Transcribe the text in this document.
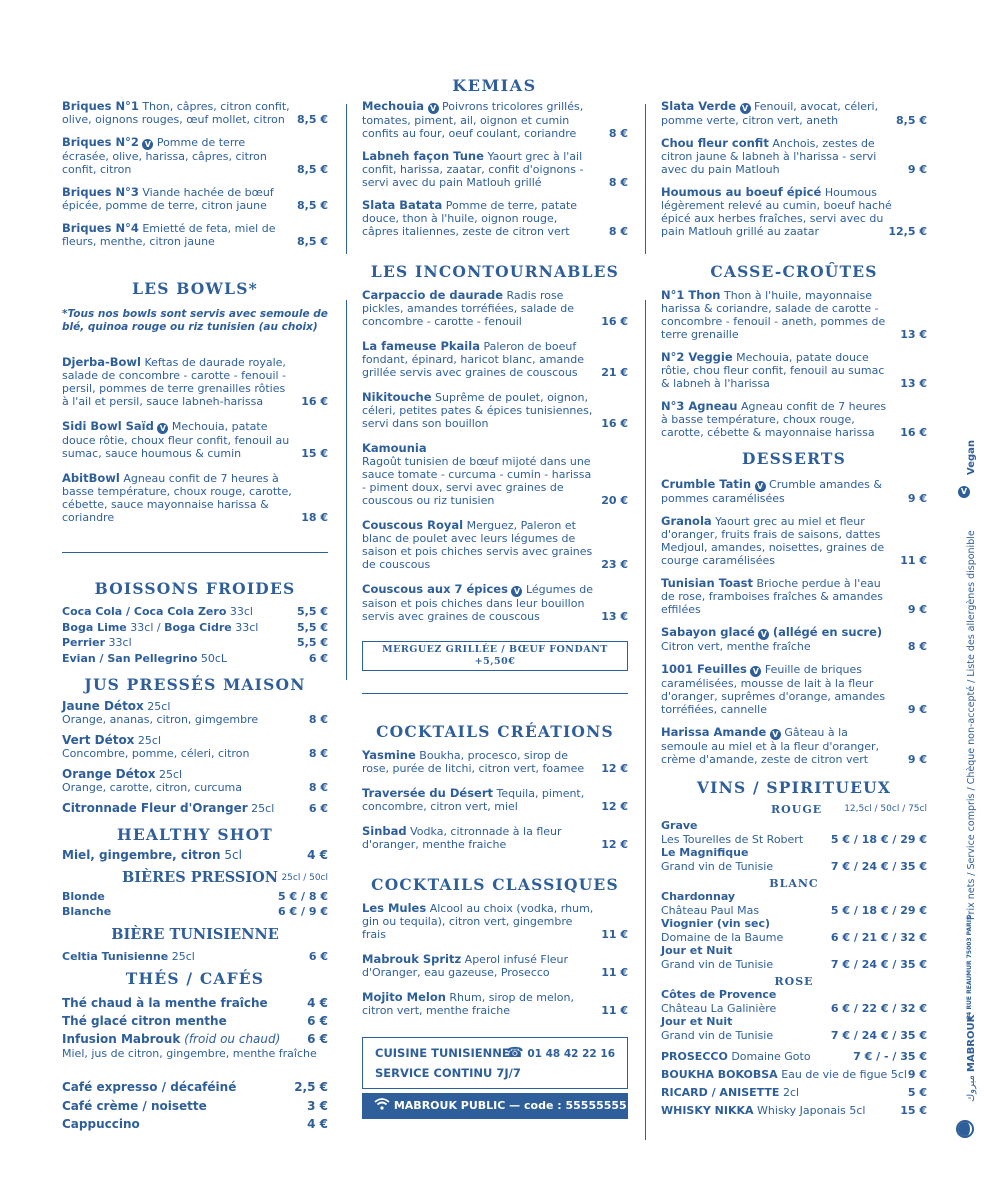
KEMIAS
Briques N°1 Thon, câpres, citron confit, olive, oignons rouges, œuf mollet, citron 8,5 €
Briques N°2 V Pomme de terre écrasée, olive, harissa, câpres, citron confit, citron	8,5 €
Briques N°3 Viande hachée de bœuf épicée, pomme de terre, citron jaune	8,5 €
Briques N°4 Emietté de feta, miel de fleurs, menthe, citron jaune	8,5 €
LES BOWLS*
*Tous nos bowls sont servis avec semoule de blé, quinoa rouge ou riz tunisien (au choix)
Djerba-Bowl Keftas de daurade royale, salade de concombre - carotte - fenouil - persil, pommes de terre grenailles rôties à l'ail et persil, sauce labneh-harissa	16 €
Sidi Bowl Saïd V Mechouia, patate douce rôtie, choux fleur confit, fenouil au sumac, sauce houmous & cumin	15 €
AbitBowl Agneau confit de 7 heures à basse température, choux rouge, carotte, cébette, sauce mayonnaise harissa & coriandre	18 €
BOISSONS FROIDES
Coca Cola / Coca Cola Zero 33cl	5,5 €
Boga Lime 33cl / Boga Cidre 33cl	5,5 €
Perrier 33cl	5,5 €
Evian / San Pellegrino 50cL	6 €
JUS PRESSÉS MAISON
Jaune Détox 25cl
Orange, ananas, citron, gimgembre	8 €
Vert Détox 25cl
Concombre, pomme, céleri, citron	8 €
Orange Détox 25cl
Orange, carotte, citron, curcuma	8 €
Citronnade Fleur d'Oranger 25cl	6 €
HEALTHY SHOT
Miel, gingembre, citron 5cl	4 €
BIÈRES PRESSION 25cl / 50cl
Blonde	5 € / 8 €
Blanche	6 € / 9 €
BIÈRE TUNISIENNE
Celtia Tunisienne 25cl	6 €
THÉS / CAFÉS
Thé chaud à la menthe fraîche	4 €
Thé glacé citron menthe	6 €
Infusion Mabrouk (froid ou chaud) 6 €
Miel, jus de citron, gingembre, menthe fraîche
Café expresso / décaféiné	2,5 €
Café crème / noisette	3 €
Cappuccino	4 €
Mechouia V Poivrons tricolores grillés, tomates, piment, ail, oignon et cumin confits au four, oeuf coulant, coriandre	8 €
Labneh façon Tune Yaourt grec à l'ail confit, harissa, zaatar, confit d'oignons - servi avec du pain Matlouh grillé	8 €
Slata Batata Pomme de terre, patate douce, thon à l'huile, oignon rouge, câpres italiennes, zeste de citron vert	8 €
LES INCONTOURNABLES
Carpaccio de daurade Radis rose pickles, amandes torréfiées, salade de concombre - carotte - fenouil	16 €
La fameuse Pkaila Paleron de boeuf fondant, épinard, haricot blanc, amande grillée servis avec graines de couscous 21 €
Nikitouche Suprême de poulet, oignon, céleri, petites pates & épices tunisiennes, servi dans son bouillon	16 €
Kamounia
Ragoût tunisien de bœuf mijoté dans une sauce tomate - curcuma - cumin - harissa - piment doux, servi avec graines de couscous ou riz tunisien	20 €
Couscous Royal Merguez, Paleron et blanc de poulet avec leurs légumes de saison et pois chiches servis avec graines de couscous	23 €
Couscous aux 7 épices V Légumes de saison et pois chiches dans leur bouillon servis avec graines de couscous	13 €
MERGUEZ GRILLÉE / BŒUF FONDANT
+5,50€
COCKTAILS CRÉATIONS
Yasmine Boukha, procesco, sirop de rose, purée de litchi, citron vert, foamee 12 €
Traversée du Désert Tequila, piment, concombre, citron vert, miel	12 €
Sinbad Vodka, citronnade à la fleur d'oranger, menthe fraiche	12 €
COCKTAILS CLASSIQUES
Les Mules Alcool au choix (vodka, rhum, gin ou tequila), citron vert, gingembre frais	11 €
Mabrouk Spritz Aperol infusé Fleur d'Oranger, eau gazeuse, Prosecco	11 €
Mojito Melon Rhum, sirop de melon, citron vert, menthe fraiche	11 €
CUISINE TUNISIENNE
SERVICE CONTINU 7J/7
☎ 01 48 42 22 16
MABROUK PUBLIC — code : 55555555
Slata Verde V Fenouil, avocat, céleri, pomme verte, citron vert, aneth	8,5 €
Chou fleur confit Anchois, zestes de citron jaune & labneh à l'harissa - servi avec du pain Matlouh	9 €
Houmous au boeuf épicé Houmous légèrement relevé au cumin, boeuf haché épicé aux herbes fraîches, servi avec du pain Matlouh grillé au zaatar	12,5 €
CASSE-CROÛTES
N°1 Thon Thon à l'huile, mayonnaise harissa & coriandre, salade de carotte - concombre - fenouil - aneth, pommes de terre grenaille	13 €
N°2 Veggie Mechouia, patate douce rôtie, chou fleur confit, fenouil au sumac & labneh à l'harissa	13 €
N°3 Agneau Agneau confit de 7 heures à basse température, choux rouge, carotte, cébette & mayonnaise harissa 16 €
DESSERTS
Crumble Tatin V Crumble amandes & pommes caramélisées	9 €
Granola Yaourt grec au miel et fleur d'oranger, fruits frais de saisons, dattes Medjoul, amandes, noisettes, graines de courge caramélisées	11 €
Tunisian Toast Brioche perdue à l'eau de rose, framboises fraîches & amandes effilées	9 €
Sabayon glacé V (allégé en sucre)
Citron vert, menthe fraîche	8 €
1001 Feuilles V Feuille de briques caramélisées, mousse de lait à la fleur d'oranger, suprêmes d'orange, amandes torréfiées, cannelle	9 €
Harissa Amande V Gâteau à la semoule au miel et à la fleur d'oranger, crème d'amande, zeste de citron vert	9 €
VINS / SPIRITUEUX
ROUGE 12,5cl / 50cl / 75cl
Grave
Les Tourelles de St Robert	5 € / 18 € / 29 €
Le Magnifique
Grand vin de Tunisie	7 € / 24 € / 35 €
BLANC
Chardonnay
Château Paul Mas	5 € / 18 € / 29 €
Viognier (vin sec)
Domaine de la Baume	6 € / 21 € / 32 €
Jour et Nuit
Grand vin de Tunisie	7 € / 24 € / 35 €
ROSE
Côtes de Provence
Château La Galinière	6 € / 22 € / 32 €
Jour et Nuit
Grand vin de Tunisie	7 € / 24 € / 35 €
PROSECCO Domaine Goto	7 € / - / 35 €
BOUKHA BOKOBSA Eau de vie de figue 5cl 9 €
RICARD / ANISETTE 2cl	5 €
WHISKY NIKKA Whisky Japonais 5cl	15 €
V
Vegan
Prix nets / Service compris / Chèque non-accepté / Liste des allergènes disponible
64 RUE REAUMUR 75003 PARIS
MABROUK
مبروك
